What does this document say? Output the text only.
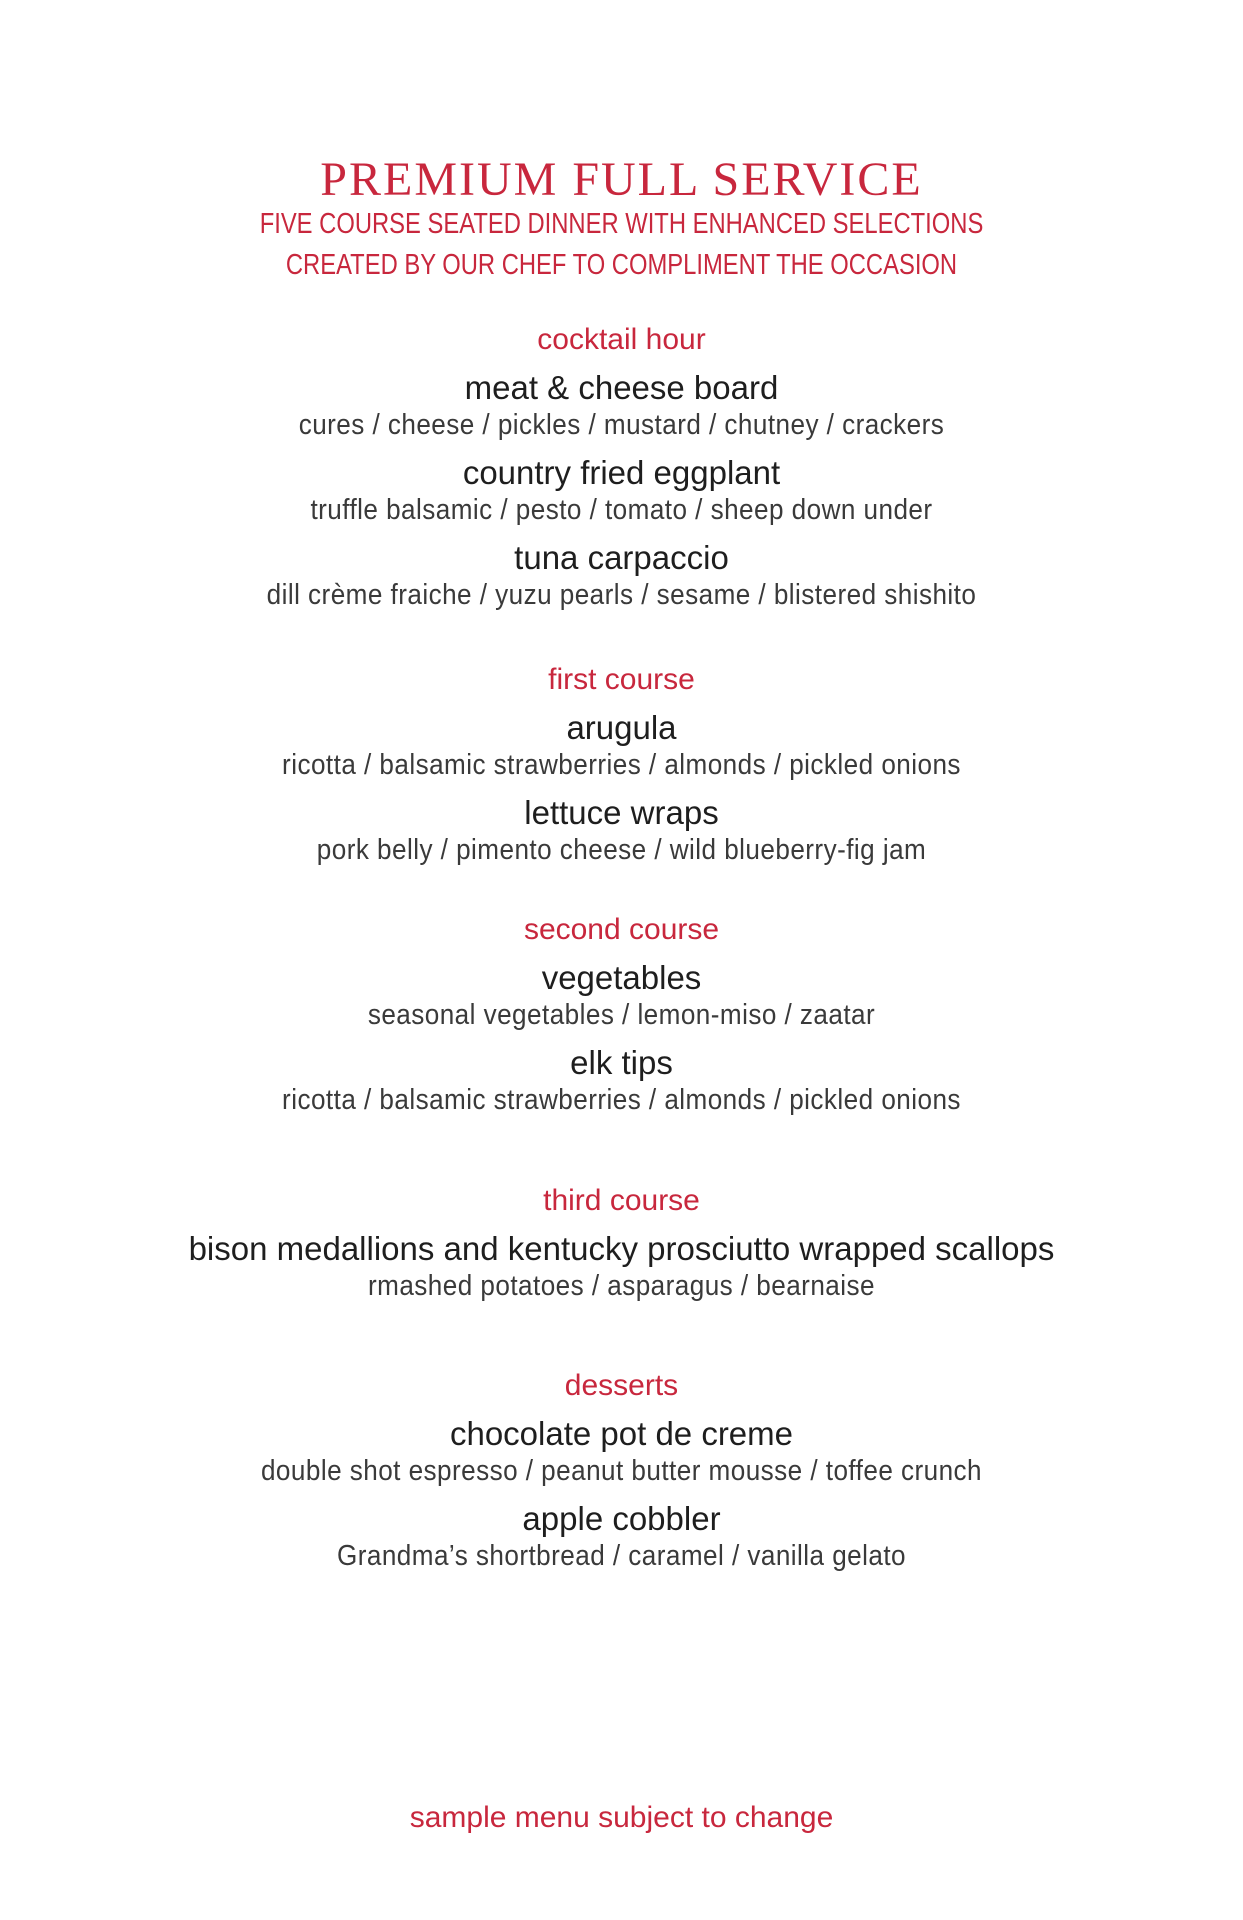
PREMIUM FULL SERVICE
FIVE COURSE SEATED DINNER WITH ENHANCED SELECTIONS
CREATED BY OUR CHEF TO COMPLIMENT THE OCCASION
cocktail hour
meat & cheese board
cures / cheese / pickles / mustard / chutney / crackers
country fried eggplant
truffle balsamic / pesto / tomato / sheep down under
tuna carpaccio
dill crème fraiche / yuzu pearls / sesame / blistered shishito
first course
arugula
ricotta / balsamic strawberries / almonds / pickled onions
lettuce wraps
pork belly / pimento cheese / wild blueberry-fig jam
second course
vegetables
seasonal vegetables / lemon-miso / zaatar
elk tips
ricotta / balsamic strawberries / almonds / pickled onions
third course
bison medallions and kentucky prosciutto wrapped scallops
rmashed potatoes / asparagus / bearnaise
desserts
chocolate pot de creme
double shot espresso / peanut butter mousse / toffee crunch
apple cobbler
Grandma’s shortbread / caramel / vanilla gelato
sample menu subject to change
